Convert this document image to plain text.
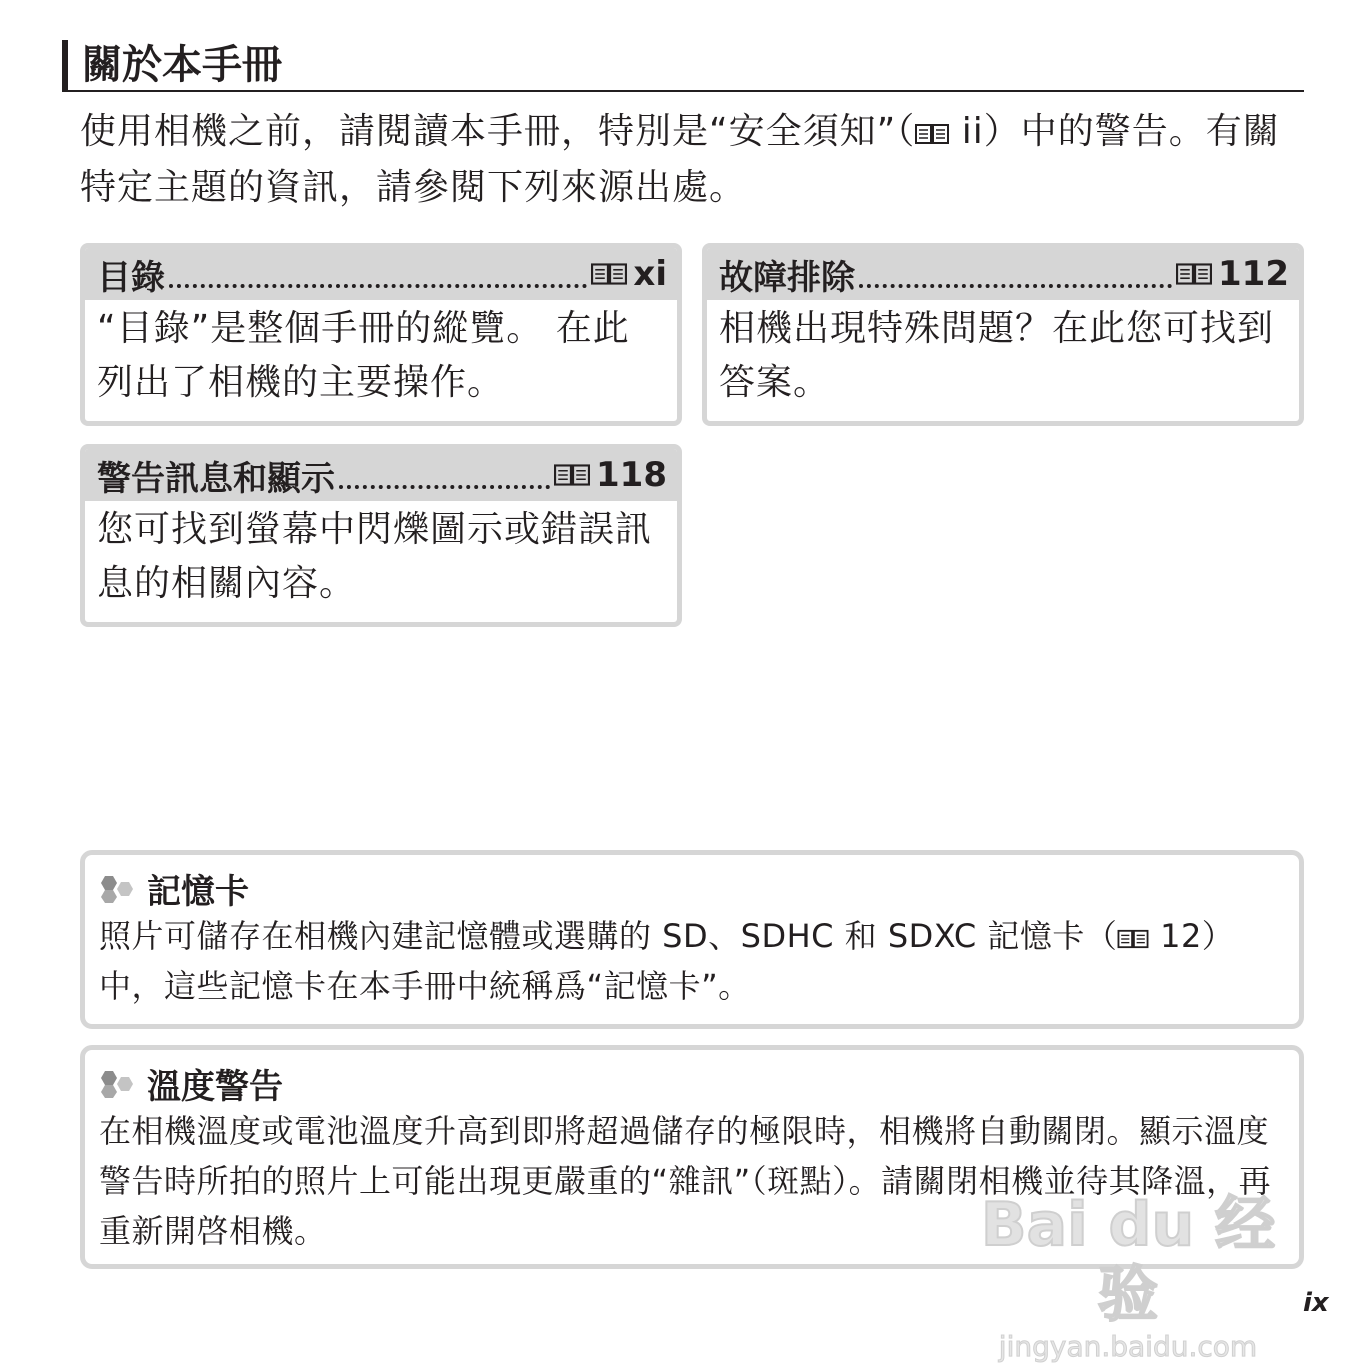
關於本手冊
使用相機之前，請閱讀本手冊，特別是“安全須知”（ ii）中的警告。有關特定主題的資訊，請參閱下列來源出處。
目錄	xi
“目錄”是整個手冊的縱覽。 在此列出了相機的主要操作。
故障排除	112
相機出現特殊問題？在此您可找到答案。
警告訊息和顯示	118
您可找到螢幕中閃爍圖示或錯誤訊息的相關內容。
記憶卡
照片可儲存在相機內建記憶體或選購的 SD、SDHC 和 SDXC 記憶卡（ 12）中，這些記憶卡在本手冊中統稱爲“記憶卡”。
溫度警告
在相機溫度或電池溫度升高到即將超過儲存的極限時，相機將自動關閉。顯示溫度警告時所拍的照片上可能出現更嚴重的“雜訊”（斑點）。請關閉相機並待其降溫，再重新開啓相機。	Bai du 经验
jingyan.baidu.com
ix
